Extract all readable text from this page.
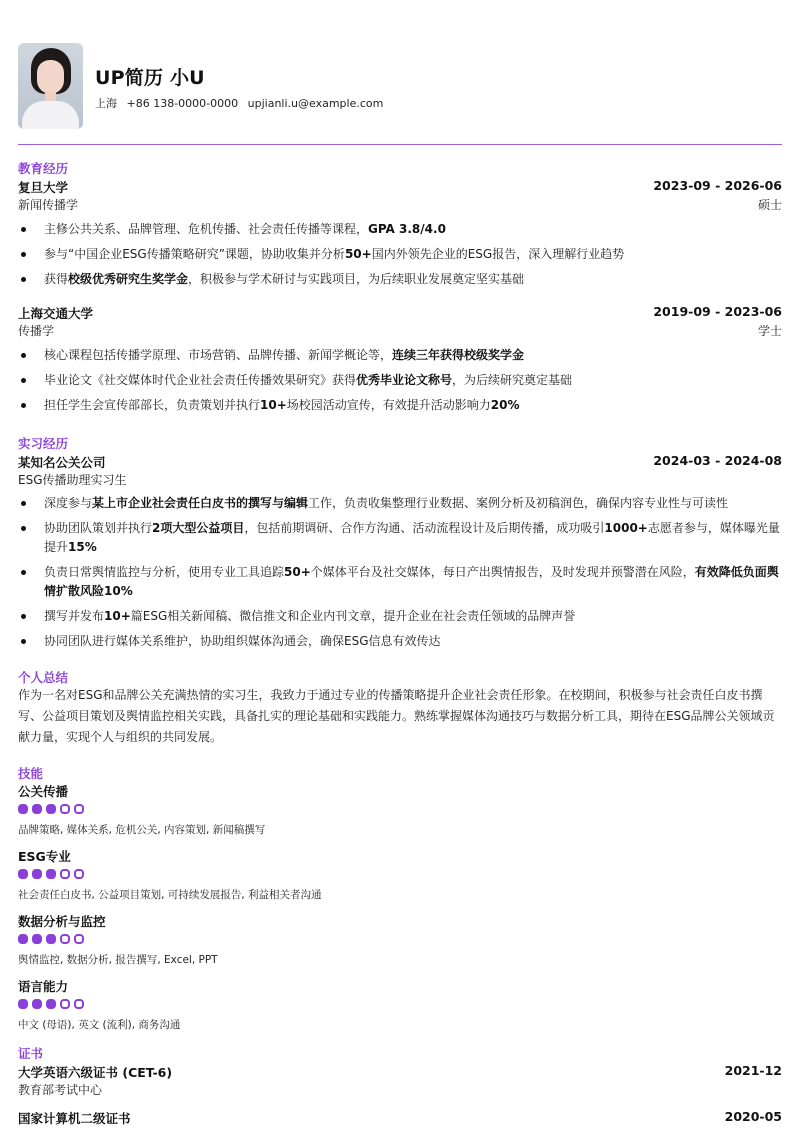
UP简历 小U
上海 +86 138-0000-0000 upjianli.u@example.com
教育经历
复旦大学	2023-09 - 2026-06
新闻传播学	硕士
主修公共关系、品牌管理、危机传播、社会责任传播等课程，GPA 3.8/4.0
参与“中国企业ESG传播策略研究”课题，协助收集并分析50+国内外领先企业的ESG报告，深入理解行业趋势
获得校级优秀研究生奖学金，积极参与学术研讨与实践项目，为后续职业发展奠定坚实基础
上海交通大学	2019-09 - 2023-06
传播学	学士
核心课程包括传播学原理、市场营销、品牌传播、新闻学概论等，连续三年获得校级奖学金
毕业论文《社交媒体时代企业社会责任传播效果研究》获得优秀毕业论文称号，为后续研究奠定基础
担任学生会宣传部部长，负责策划并执行10+场校园活动宣传，有效提升活动影响力20%
实习经历
某知名公关公司	2024-03 - 2024-08
ESG传播助理实习生
深度参与某上市企业社会责任白皮书的撰写与编辑工作，负责收集整理行业数据、案例分析及初稿润色，确保内容专业性与可读性
协助团队策划并执行2项大型公益项目，包括前期调研、合作方沟通、活动流程设计及后期传播，成功吸引1000+志愿者参与，媒体曝光量提升15%
负责日常舆情监控与分析，使用专业工具追踪50+个媒体平台及社交媒体，每日产出舆情报告，及时发现并预警潜在风险，有效降低负面舆情扩散风险10%
撰写并发布10+篇ESG相关新闻稿、微信推文和企业内刊文章，提升企业在社会责任领域的品牌声誉
协同团队进行媒体关系维护，协助组织媒体沟通会，确保ESG信息有效传达
个人总结
作为一名对ESG和品牌公关充满热情的实习生，我致力于通过专业的传播策略提升企业社会责任形象。在校期间，积极参与社会责任白皮书撰写、公益项目策划及舆情监控相关实践，具备扎实的理论基础和实践能力。熟练掌握媒体沟通技巧与数据分析工具，期待在ESG品牌公关领域贡献力量，实现个人与组织的共同发展。
技能
公关传播
品牌策略, 媒体关系, 危机公关, 内容策划, 新闻稿撰写
ESG专业
社会责任白皮书, 公益项目策划, 可持续发展报告, 利益相关者沟通
数据分析与监控
舆情监控, 数据分析, 报告撰写, Excel, PPT
语言能力
中文 (母语), 英文 (流利), 商务沟通
证书
大学英语六级证书 (CET-6)	2021-12
教育部考试中心
国家计算机二级证书	2020-05
